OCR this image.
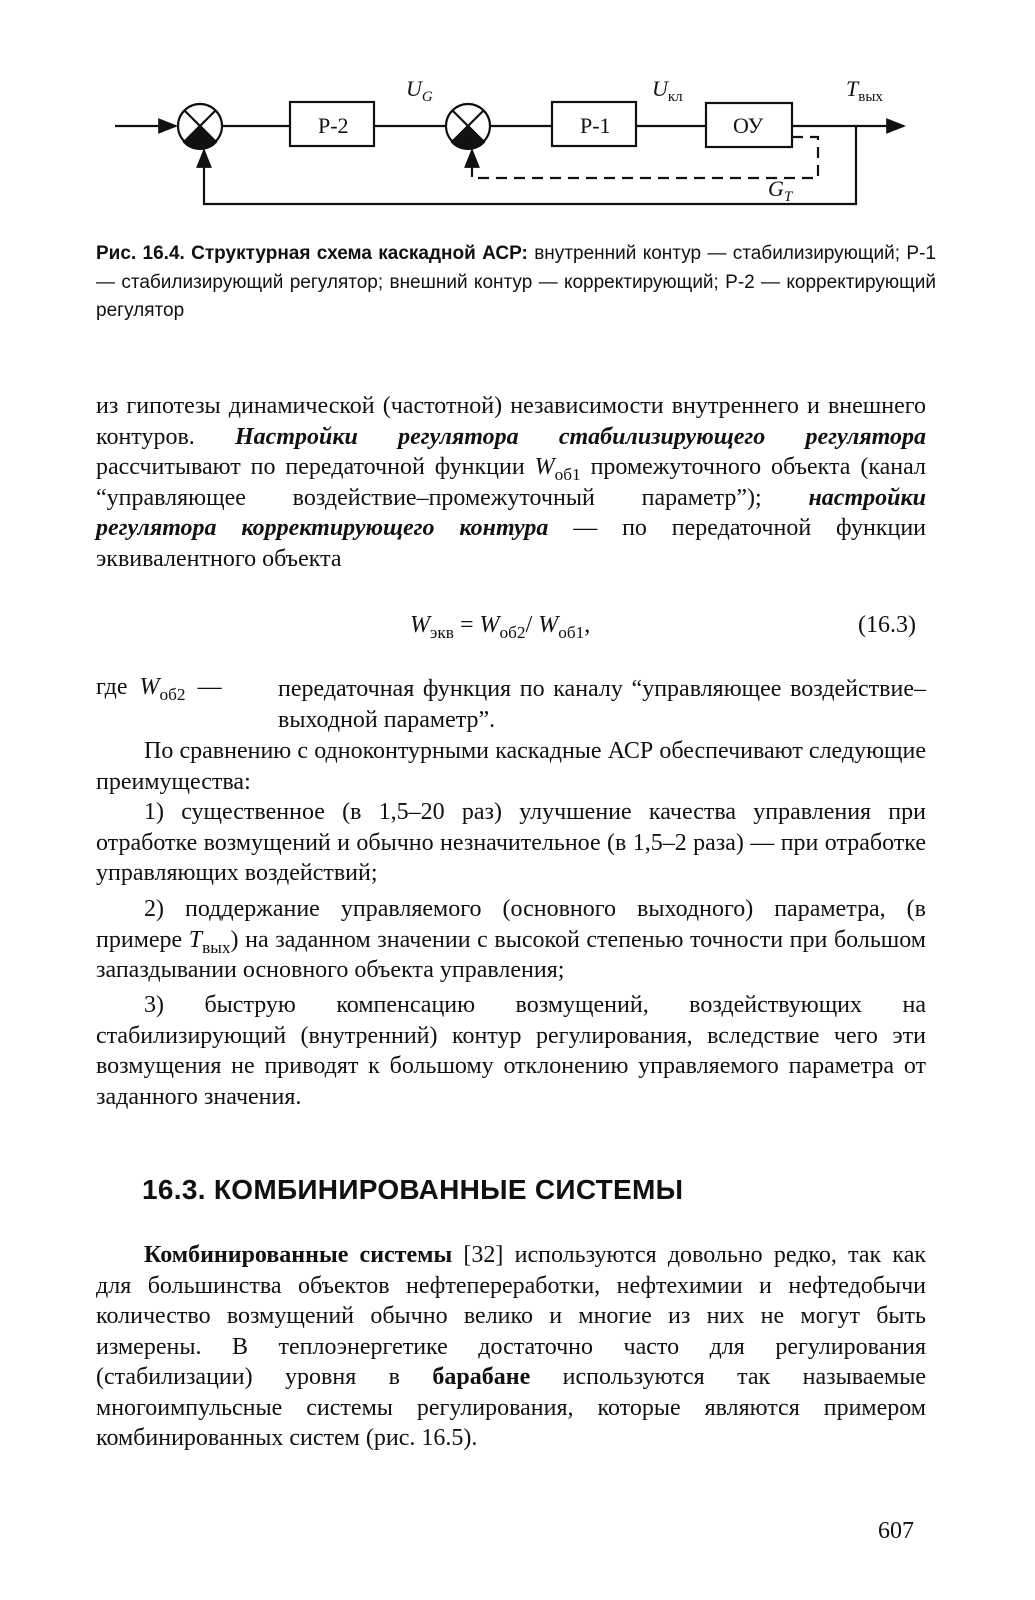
Р-2	Р-1	ОУ
$U_G$	$U_{кл}$	$T_{вых}$
$G_T$
Рис. 16.4. Структурная схема каскадной АСР: внутренний контур — стабилизирующий; Р-1 — стабилизирующий регулятор; внешний контур — корректирующий; Р-2 — корректирующий регулятор

из гипотезы динамической (частотной) независимости внутреннего и внешнего контуров. Настройки регулятора стабилизирующего регулятора рассчитывают по передаточной функции $W_{об1}$ промежуточного объекта (канал “управляющее воздействие–промежуточный параметр”); настройки регулятора корректирующего контура — по передаточной функции эквивалентного объекта

$W_{экв} = W_{об2}/$ $W_{об1}$,	(16.3)
где $W_{об2}$ — передаточная функция по каналу “управляющее воздействие–выходной параметр”.

По сравнению с одноконтурными каскадные АСР обеспечивают следующие преимущества:

1) существенное (в 1,5–20 раз) улучшение качества управления при отработке возмущений и обычно незначительное (в 1,5–2 раза) — при отработке управляющих воздействий;

2) поддержание управляемого (основного выходного) параметра, (в примере $T_{вых}$) на заданном значении с высокой степенью точности при большом запаздывании основного объекта управления;

3) быструю компенсацию возмущений, воздействующих на стабилизирующий (внутренний) контур регулирования, вследствие чего эти возмущения не приводят к большому отклонению управляемого параметра от заданного значения.

16.3. КОМБИНИРОВАННЫЕ СИСТЕМЫ

Комбинированные системы [32] используются довольно редко, так как для большинства объектов нефтепереработки, нефтехимии и нефтедобычи количество возмущений обычно велико и многие из них не могут быть измерены. В теплоэнергетике достаточно часто для регулирования (стабилизации) уровня в барабане используются так называемые многоимпульсные системы регулирования, которые являются примером комбинированных систем (рис. 16.5).

607
